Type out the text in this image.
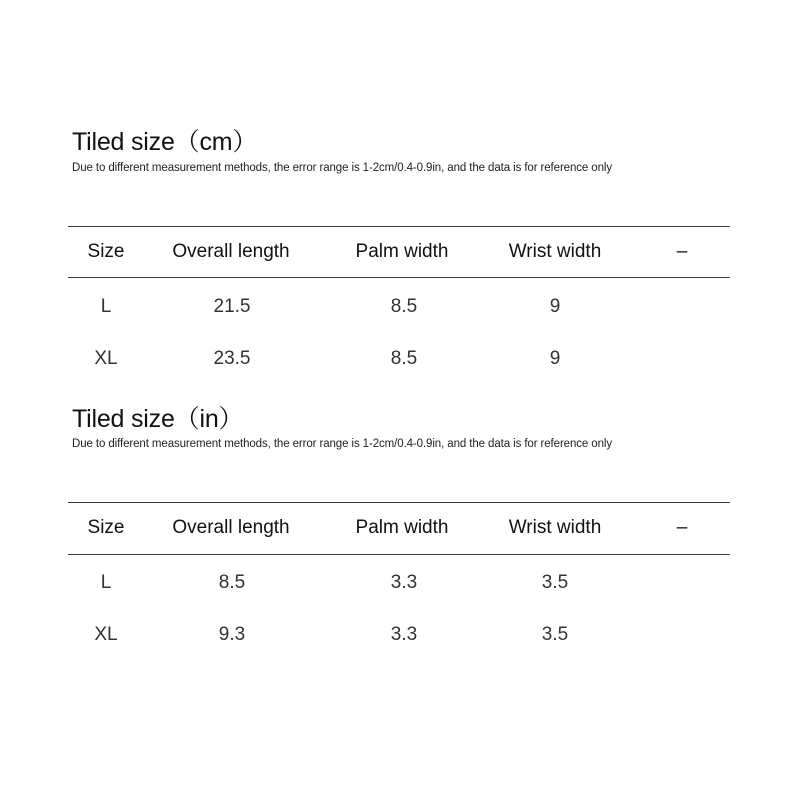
Tiled size（cm）
Due to different measurement methods, the error range is 1-2cm/0.4-0.9in, and the data is for reference only
Size	Overall length	Palm width	Wrist width	–
L	21.5	8.5	9
XL	23.5	8.5	9
Tiled size（in）
Due to different measurement methods, the error range is 1-2cm/0.4-0.9in, and the data is for reference only
Size	Overall length	Palm width	Wrist width	–
L	8.5	3.3	3.5
XL	9.3	3.3	3.5
